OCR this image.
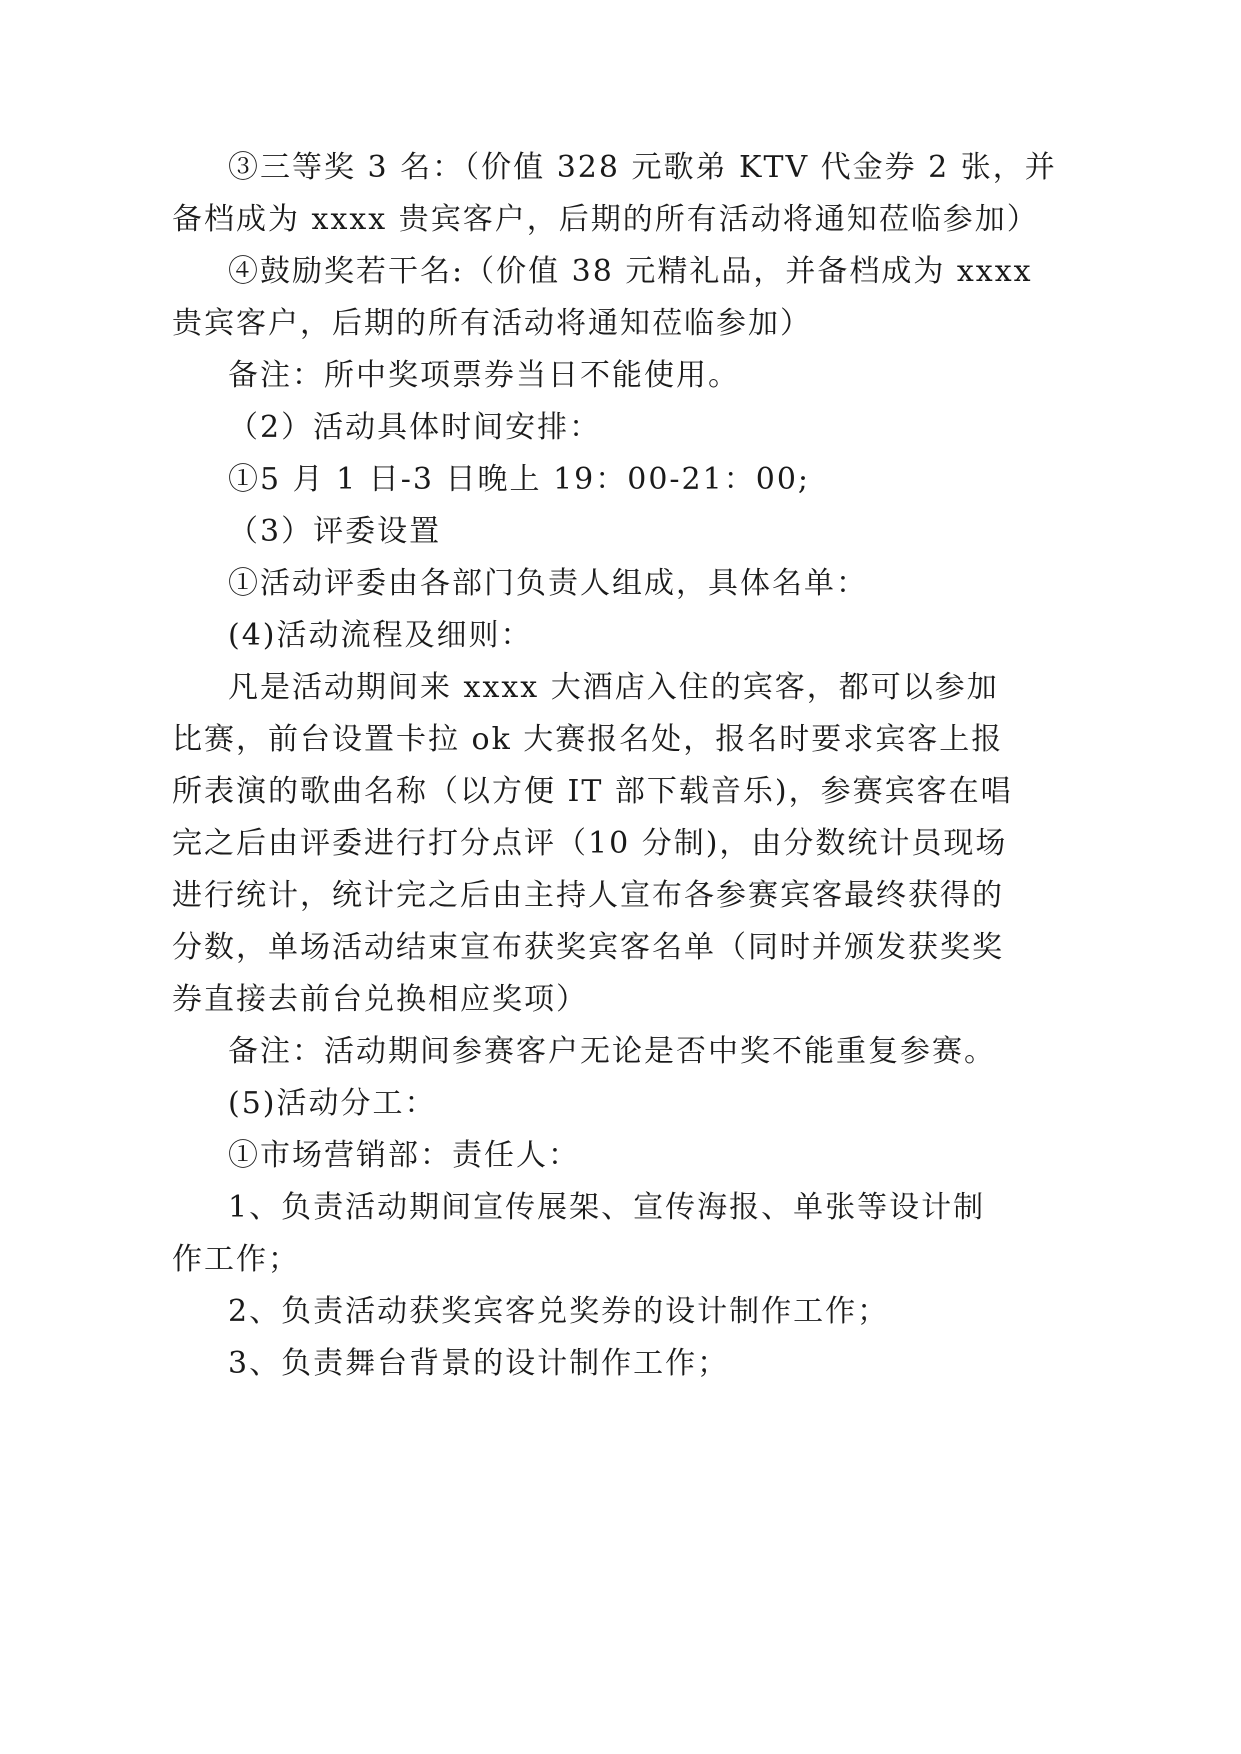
③三等奖 3 名：（价值 328 元歌弟 KTV 代金券 2 张，并
备档成为 xxxx 贵宾客户，后期的所有活动将通知莅临参加）
④鼓励奖若干名:（价值 38 元精礼品，并备档成为 xxxx
贵宾客户，后期的所有活动将通知莅临参加）
备注：所中奖项票券当日不能使用。
（2）活动具体时间安排：
①5 月 1 日-3 日晚上 19：00-21：00;
（3）评委设置
①活动评委由各部门负责人组成，具体名单：
(4)活动流程及细则：
凡是活动期间来 xxxx 大酒店入住的宾客，都可以参加
比赛，前台设置卡拉 ok 大赛报名处，报名时要求宾客上报
所表演的歌曲名称（以方便 IT 部下载音乐)，参赛宾客在唱
完之后由评委进行打分点评（10 分制)，由分数统计员现场
进行统计，统计完之后由主持人宣布各参赛宾客最终获得的
分数，单场活动结束宣布获奖宾客名单（同时并颁发获奖奖
券直接去前台兑换相应奖项）
备注：活动期间参赛客户无论是否中奖不能重复参赛。
(5)活动分工：
①市场营销部：责任人：
1、负责活动期间宣传展架、宣传海报、单张等设计制
作工作；
2、负责活动获奖宾客兑奖券的设计制作工作；
3、负责舞台背景的设计制作工作；
